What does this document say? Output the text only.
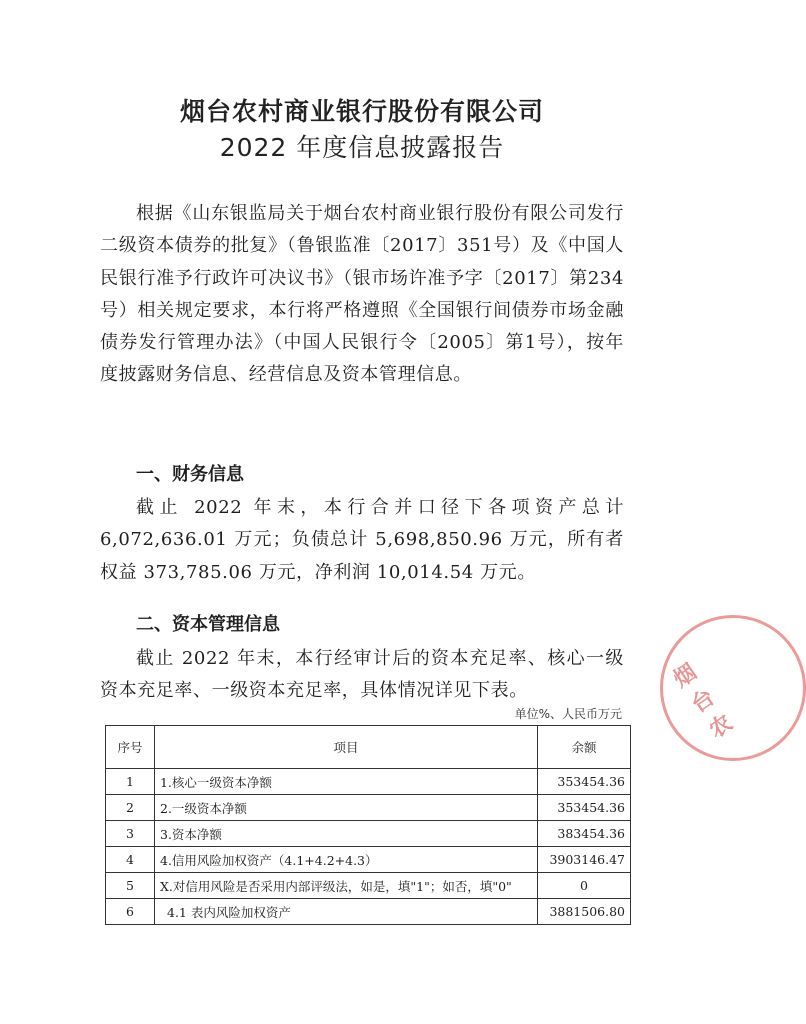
烟台农村商业银行股份有限公司
2022 年度信息披露报告
根据《山东银监局关于烟台农村商业银行股份有限公司发行二级资本债券的批复》（鲁银监准〔2017〕351号）及《中国人民银行准予行政许可决议书》（银市场许准予字〔2017〕第234号）相关规定要求，本行将严格遵照《全国银行间债券市场金融债券发行管理办法》（中国人民银行令〔2005〕第1号），按年度披露财务信息、经营信息及资本管理信息。
一、财务信息
截止 2022 年末，本行合并口径下各项资产总计 6,072,636.01 万元；负债总计 5,698,850.96 万元，所有者权益 373,785.06 万元，净利润 10,014.54 万元。
二、资本管理信息
截止 2022 年末，本行经审计后的资本充足率、核心一级资本充足率、一级资本充足率，具体情况详见下表。
单位%、人民币万元
序号	项目	余额
1	1.核心一级资本净额	353454.36
2	2.一级资本净额	353454.36
3	3.资本净额	383454.36
4	4.信用风险加权资产（4.1+4.2+4.3）	3903146.47
5	X.对信用风险是否采用内部评级法，如是，填"1"；如否，填"0"	0
6	4.1 表内风险加权资产	3881506.80
烟台农
